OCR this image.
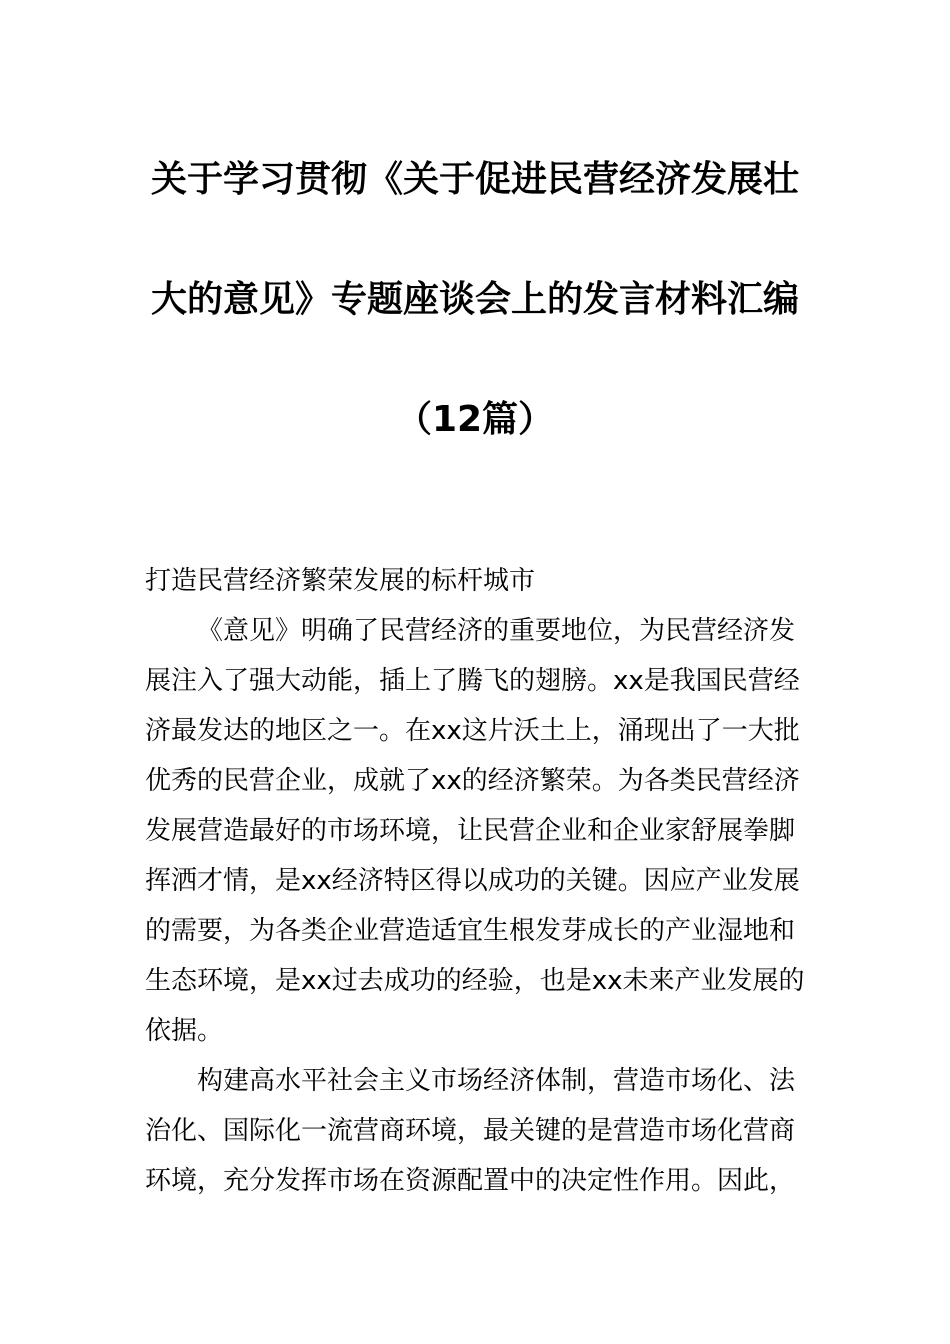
关于学习贯彻《关于促进民营经济发展壮
大的意见》专题座谈会上的发言材料汇编
（12篇）
打造民营经济繁荣发展的标杆城市
《意见》明确了民营经济的重要地位，为民营经济发
展注入了强大动能，插上了腾飞的翅膀。xx是我国民营经
济最发达的地区之一。在xx这片沃土上，涌现出了一大批
优秀的民营企业，成就了xx的经济繁荣。为各类民营经济
发展营造最好的市场环境，让民营企业和企业家舒展拳脚
挥洒才情，是xx经济特区得以成功的关键。因应产业发展
的需要，为各类企业营造适宜生根发芽成长的产业湿地和
生态环境，是xx过去成功的经验，也是xx未来产业发展的
依据。
构建高水平社会主义市场经济体制，营造市场化、法
治化、国际化一流营商环境，最关键的是营造市场化营商
环境，充分发挥市场在资源配置中的决定性作用。因此，
